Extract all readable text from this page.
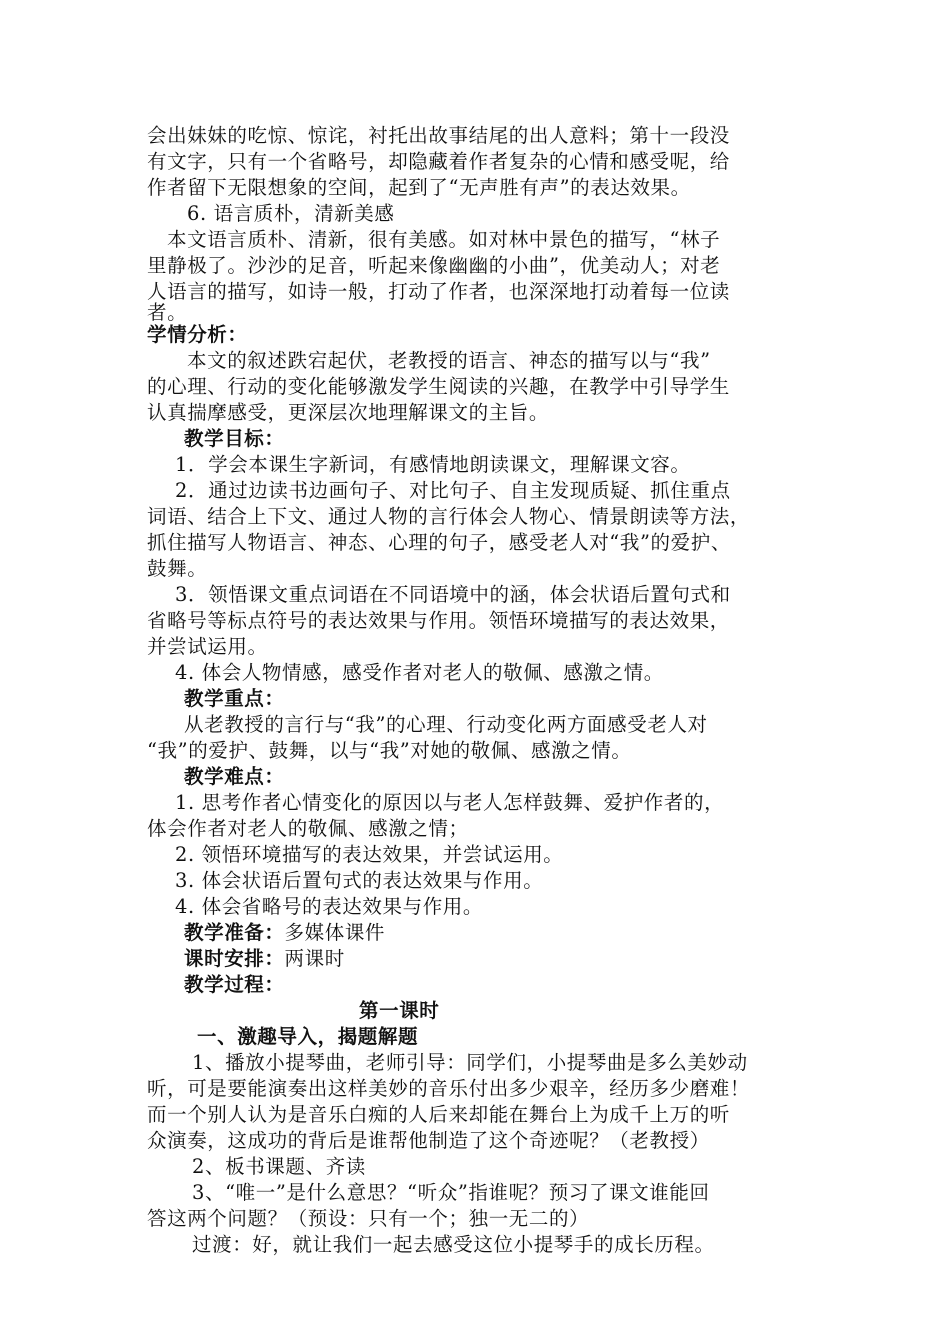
会出妹妹的吃惊、惊诧，衬托出故事结尾的出人意料；第十一段没
有文字，只有一个省略号，却隐藏着作者复杂的心情和感受呢，给
作者留下无限想象的空间，起到了“无声胜有声”的表达效果。
6. 语言质朴，清新美感
本文语言质朴、清新，很有美感。如对林中景色的描写，“林子
里静极了。沙沙的足音，听起来像幽幽的小曲”，优美动人；对老
人语言的描写，如诗一般，打动了作者，也深深地打动着每一位读
者。
学情分析：
本文的叙述跌宕起伏，老教授的语言、神态的描写以与“我”
的心理、行动的变化能够激发学生阅读的兴趣，在教学中引导学生
认真揣摩感受，更深层次地理解课文的主旨。
教学目标：
1．学会本课生字新词，有感情地朗读课文，理解课文容。
2．通过边读书边画句子、对比句子、自主发现质疑、抓住重点
词语、结合上下文、通过人物的言行体会人物心、情景朗读等方法，
抓住描写人物语言、神态、心理的句子，感受老人对“我”的爱护、
鼓舞。
3．领悟课文重点词语在不同语境中的涵，体会状语后置句式和
省略号等标点符号的表达效果与作用。领悟环境描写的表达效果，
并尝试运用。
4. 体会人物情感，感受作者对老人的敬佩、感激之情。
教学重点：
从老教授的言行与“我”的心理、行动变化两方面感受老人对
“我”的爱护、鼓舞，以与“我”对她的敬佩、感激之情。
教学难点：
1. 思考作者心情变化的原因以与老人怎样鼓舞、爱护作者的，
体会作者对老人的敬佩、感激之情；
2. 领悟环境描写的表达效果，并尝试运用。
3. 体会状语后置句式的表达效果与作用。
4. 体会省略号的表达效果与作用。
教学准备：多媒体课件
课时安排：两课时
教学过程：
第一课时
一、激趣导入，揭题解题
1、播放小提琴曲，老师引导：同学们，小提琴曲是多么美妙动
听，可是要能演奏出这样美妙的音乐付出多少艰辛，经历多少磨难！
而一个别人认为是音乐白痴的人后来却能在舞台上为成千上万的听
众演奏，这成功的背后是谁帮他制造了这个奇迹呢？（老教授）
2、板书课题、齐读
3、“唯一”是什么意思？“听众”指谁呢？预习了课文谁能回
答这两个问题？（预设：只有一个；独一无二的）
过渡：好，就让我们一起去感受这位小提琴手的成长历程。
